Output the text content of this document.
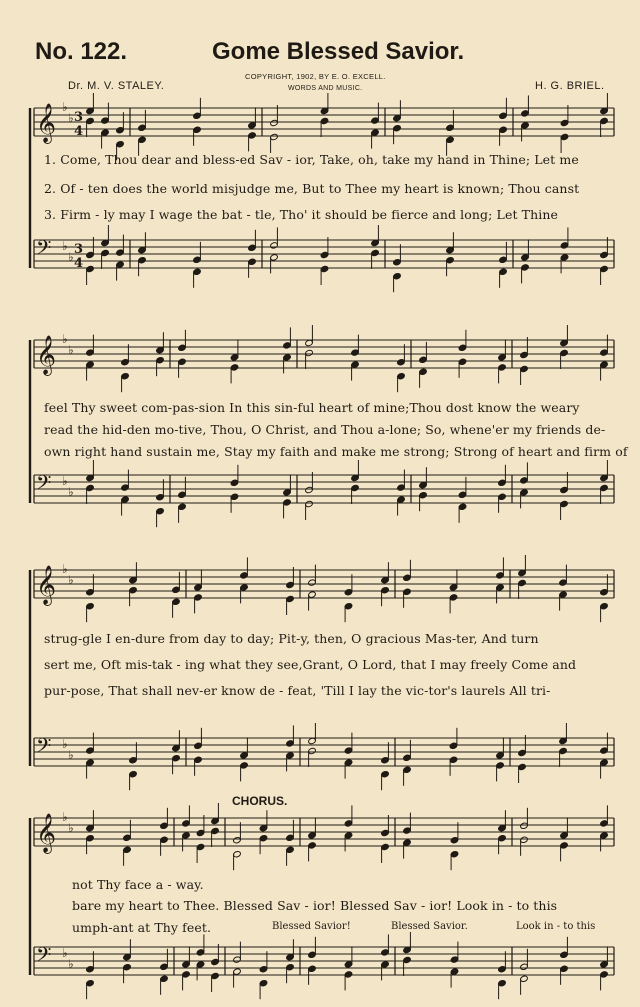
No. 122.	Gome Blessed Savior.
Dr. M. V. STALEY.
COPYRIGHT, 1902, BY E. O. EXCELL.
WORDS AND MUSIC.	H. G. BRIEL.
CHORUS.
𝄞 ♭
♭
𝄢 ♭
♭
3
4
3
4
𝄞 ♭
♭
𝄢 ♭
♭
𝄞 ♭
♭
𝄢 ♭
♭
𝄞 ♭
♭
𝄢 ♭
♭
1. Come, Thou dear and bless-ed Sav - ior, Take, oh, take my hand in Thine; Let me
2. Of - ten does the world misjudge me, But to Thee my heart is known; Thou canst
3. Firm - ly may I wage the bat - tle, Tho' it should be fierce and long; Let Thine
feel Thy sweet com-pas-sion In this sin-ful heart of mine;Thou dost know the weary
read the hid-den mo-tive, Thou, O Christ, and Thou a-lone; So, whene'er my friends de-
own right hand sustain me, Stay my faith and make me strong; Strong of heart and firm of
strug-gle I en-dure from day to day; Pit-y, then, O gracious Mas-ter, And turn
sert me, Oft mis-tak - ing what they see,Grant, O Lord, that I may freely Come and
pur-pose, That shall nev-er know de - feat, 'Till I lay the vic-tor's laurels All tri-
not Thy face a - way.
bare my heart to Thee. Blessed Sav - ior! Blessed Sav - ior! Look in - to this
umph-ant at Thy feet.	Blessed Savior!	Blessed Savior.	Look in - to this
